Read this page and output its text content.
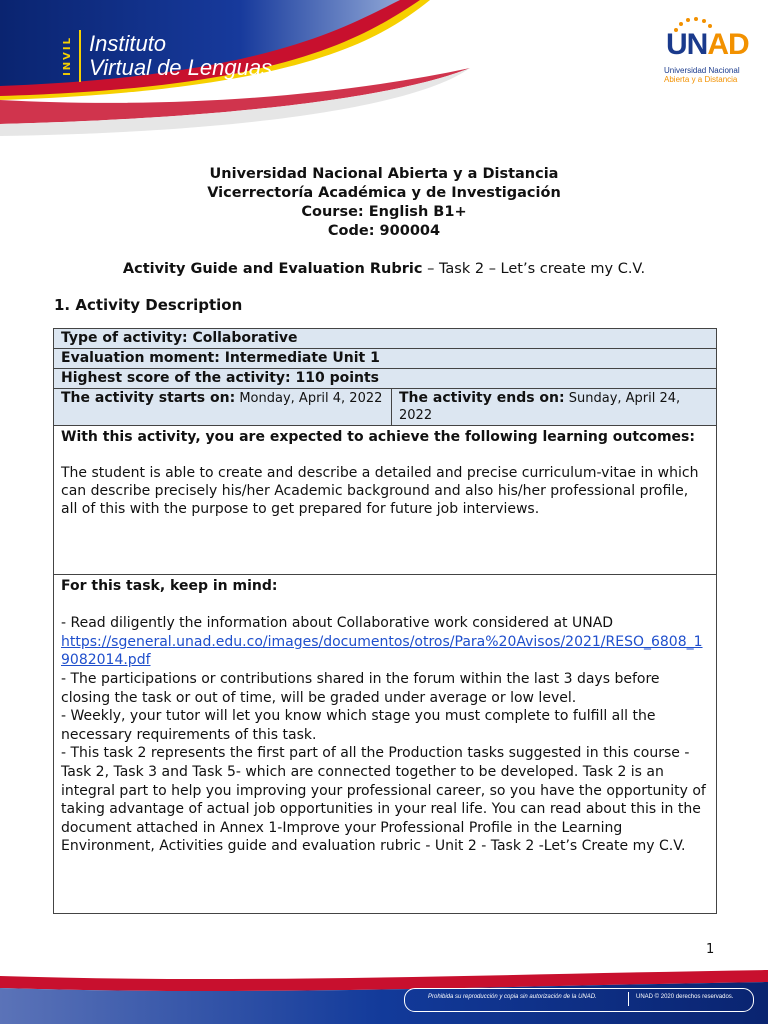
INVIL Instituto
Virtual de Lenguas
UNAD
Universidad Nacional
Abierta y a Distancia
Universidad Nacional Abierta y a Distancia
Vicerrectoría Académica y de Investigación
Course: English B1+
Code: 900004
Activity Guide and Evaluation Rubric – Task 2 – Let’s create my C.V.
1. Activity Description
Type of activity: Collaborative
Evaluation moment: Intermediate Unit 1
Highest score of the activity: 110 points
The activity starts on: Monday, April 4, 2022	The activity ends on: Sunday, April 24, 2022

With this activity, you are expected to achieve the following learning outcomes:

The student is able to create and describe a detailed and precise curriculum-vitae in which can describe precisely his/her Academic background and also his/her professional profile, all of this with the purpose to get prepared for future job interviews.

For this task, keep in mind:

- Read diligently the information about Collaborative work considered at UNAD

https://sgeneral.unad.edu.co/images/documentos/otros/Para%20Avisos/2021/RESO_6808_19082014.pdf

- The participations or contributions shared in the forum within the last 3 days before closing the task or out of time, will be graded under average or low level.

- Weekly, your tutor will let you know which stage you must complete to fulfill all the necessary requirements of this task.

- This task 2 represents the first part of all the Production tasks suggested in this course -Task 2, Task 3 and Task 5- which are connected together to be developed. Task 2 is an integral part to help you improving your professional career, so you have the opportunity of taking advantage of actual job opportunities in your real life. You can read about this in the document attached in Annex 1-Improve your Professional Profile in the Learning Environment, Activities guide and evaluation rubric - Unit 2 - Task 2 -Let’s Create my C.V.

1
Prohibida su reproducción y copia sin autorización de la UNAD.	UNAD © 2020 derechos reservados.
